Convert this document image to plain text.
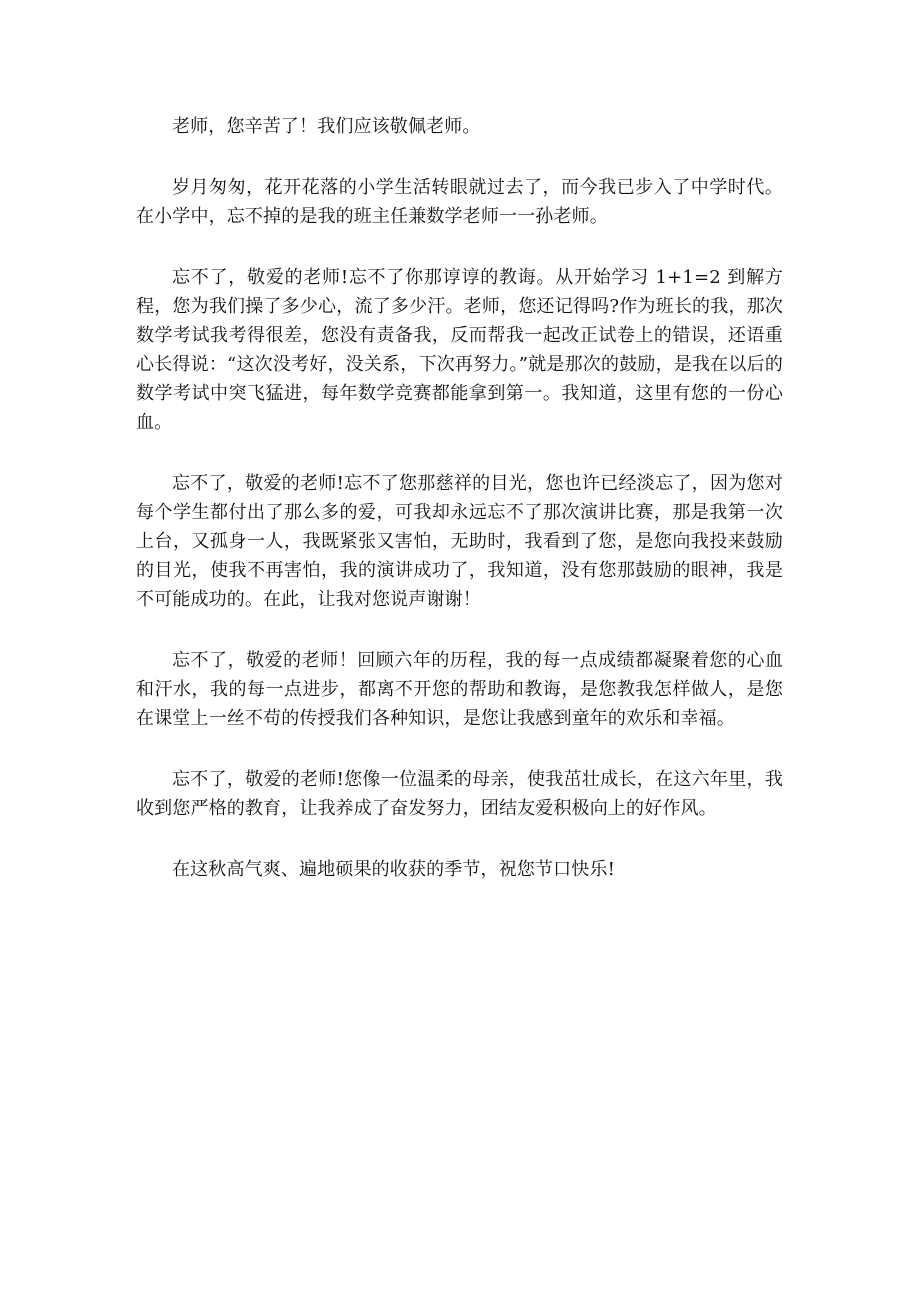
老师，您辛苦了！我们应该敬佩老师。

岁月匆匆，花开花落的小学生活转眼就过去了，而今我已步入了中学时代。在小学中，忘不掉的是我的班主任兼数学老师一一孙老师。

忘不了，敬爱的老师!忘不了你那谆谆的教诲。从开始学习 1+1=2 到解方程，您为我们操了多少心，流了多少汗。老师，您还记得吗?作为班长的我，那次数学考试我考得很差，您没有责备我，反而帮我一起改正试卷上的错误，还语重心长得说：“这次没考好，没关系，下次再努力。”就是那次的鼓励，是我在以后的数学考试中突飞猛进，每年数学竞赛都能拿到第一。我知道，这里有您的一份心血。

忘不了，敬爱的老师!忘不了您那慈祥的目光，您也许已经淡忘了，因为您对每个学生都付出了那么多的爱，可我却永远忘不了那次演讲比赛，那是我第一次上台，又孤身一人，我既紧张又害怕，无助时，我看到了您，是您向我投来鼓励的目光，使我不再害怕，我的演讲成功了，我知道，没有您那鼓励的眼神，我是不可能成功的。在此，让我对您说声谢谢！

忘不了，敬爱的老师！回顾六年的历程，我的每一点成绩都凝聚着您的心血和汗水，我的每一点进步，都离不开您的帮助和教诲，是您教我怎样做人，是您在课堂上一丝不苟的传授我们各种知识，是您让我感到童年的欢乐和幸福。

忘不了，敬爱的老师!您像一位温柔的母亲，使我茁壮成长，在这六年里，我收到您严格的教育，让我养成了奋发努力，团结友爱积极向上的好作风。

在这秋高气爽、遍地硕果的收获的季节，祝您节口快乐!
